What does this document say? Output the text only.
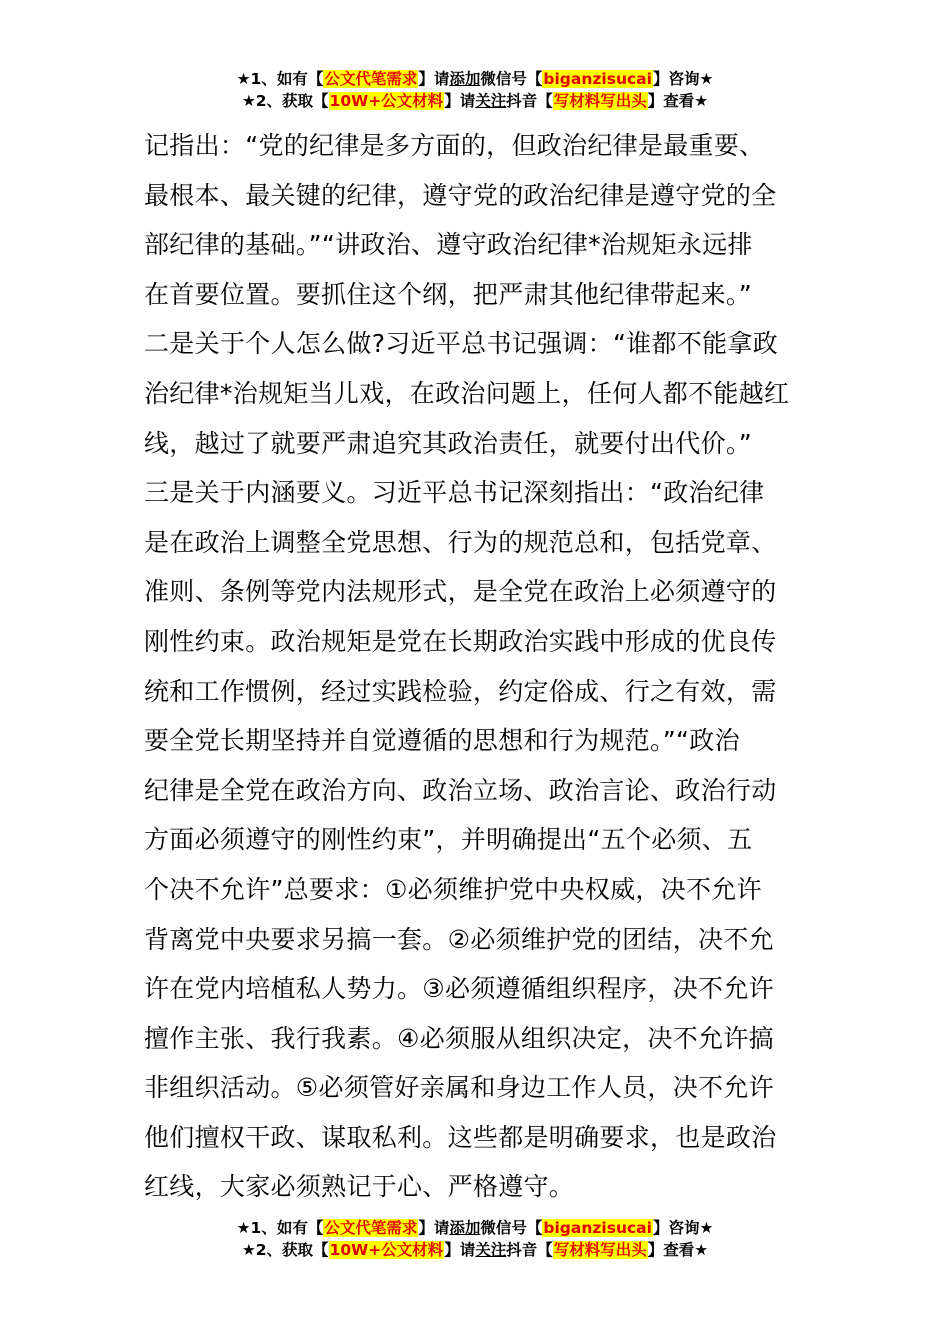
★1、如有【公文代笔需求】请添加微信号【biganzisucai】咨询★
★2、获取【10W+公文材料】请关注抖音【写材料写出头】查看★
记指出：“党的纪律是多方面的，但政治纪律是最重要、
最根本、最关键的纪律，遵守党的政治纪律是遵守党的全
部纪律的基础。”“讲政治、遵守政治纪律*治规矩永远排
在首要位置。要抓住这个纲，把严肃其他纪律带起来。”
二是关于个人怎么做?习近平总书记强调：“谁都不能拿政
治纪律*治规矩当儿戏，在政治问题上，任何人都不能越红
线，越过了就要严肃追究其政治责任，就要付出代价。”
三是关于内涵要义。习近平总书记深刻指出：“政治纪律
是在政治上调整全党思想、行为的规范总和，包括党章、
准则、条例等党内法规形式，是全党在政治上必须遵守的
刚性约束。政治规矩是党在长期政治实践中形成的优良传
统和工作惯例，经过实践检验，约定俗成、行之有效，需
要全党长期坚持并自觉遵循的思想和行为规范。”“政治
纪律是全党在政治方向、政治立场、政治言论、政治行动
方面必须遵守的刚性约束”，并明确提出“五个必须、五
个决不允许”总要求：①必须维护党中央权威，决不允许
背离党中央要求另搞一套。②必须维护党的团结，决不允
许在党内培植私人势力。③必须遵循组织程序，决不允许
擅作主张、我行我素。④必须服从组织决定，决不允许搞
非组织活动。⑤必须管好亲属和身边工作人员，决不允许
他们擅权干政、谋取私利。这些都是明确要求，也是政治
红线，大家必须熟记于心、严格遵守。
★1、如有【公文代笔需求】请添加微信号【biganzisucai】咨询★
★2、获取【10W+公文材料】请关注抖音【写材料写出头】查看★
